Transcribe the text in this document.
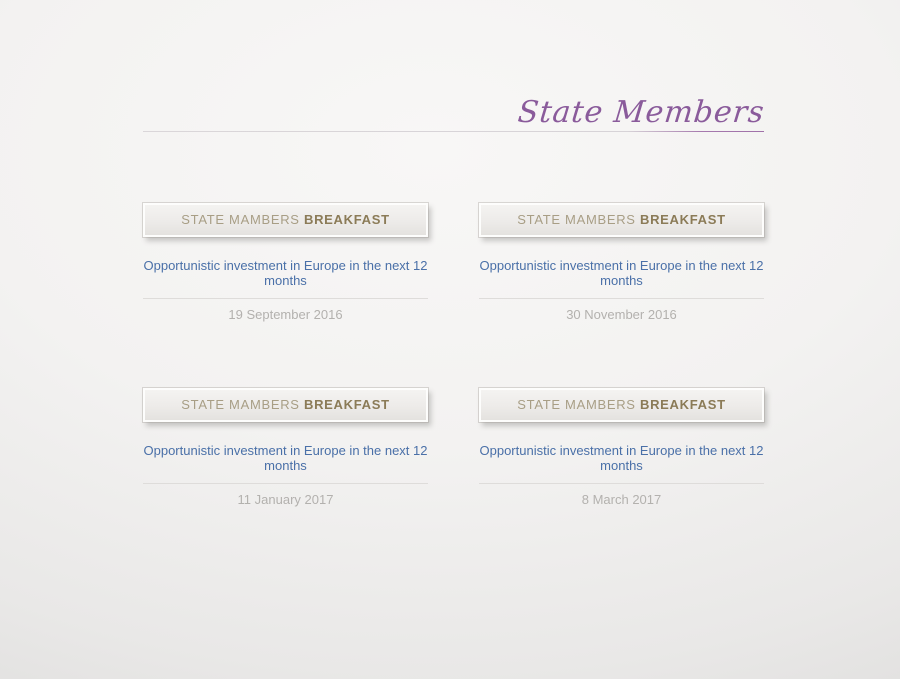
State Members
STATE MAMBERS BREAKFAST
Opportunistic investment in Europe in the next 12 months
19 September 2016
STATE MAMBERS BREAKFAST
Opportunistic investment in Europe in the next 12 months
30 November 2016
STATE MAMBERS BREAKFAST
Opportunistic investment in Europe in the next 12 months
11 January 2017
STATE MAMBERS BREAKFAST
Opportunistic investment in Europe in the next 12 months
8 March 2017
